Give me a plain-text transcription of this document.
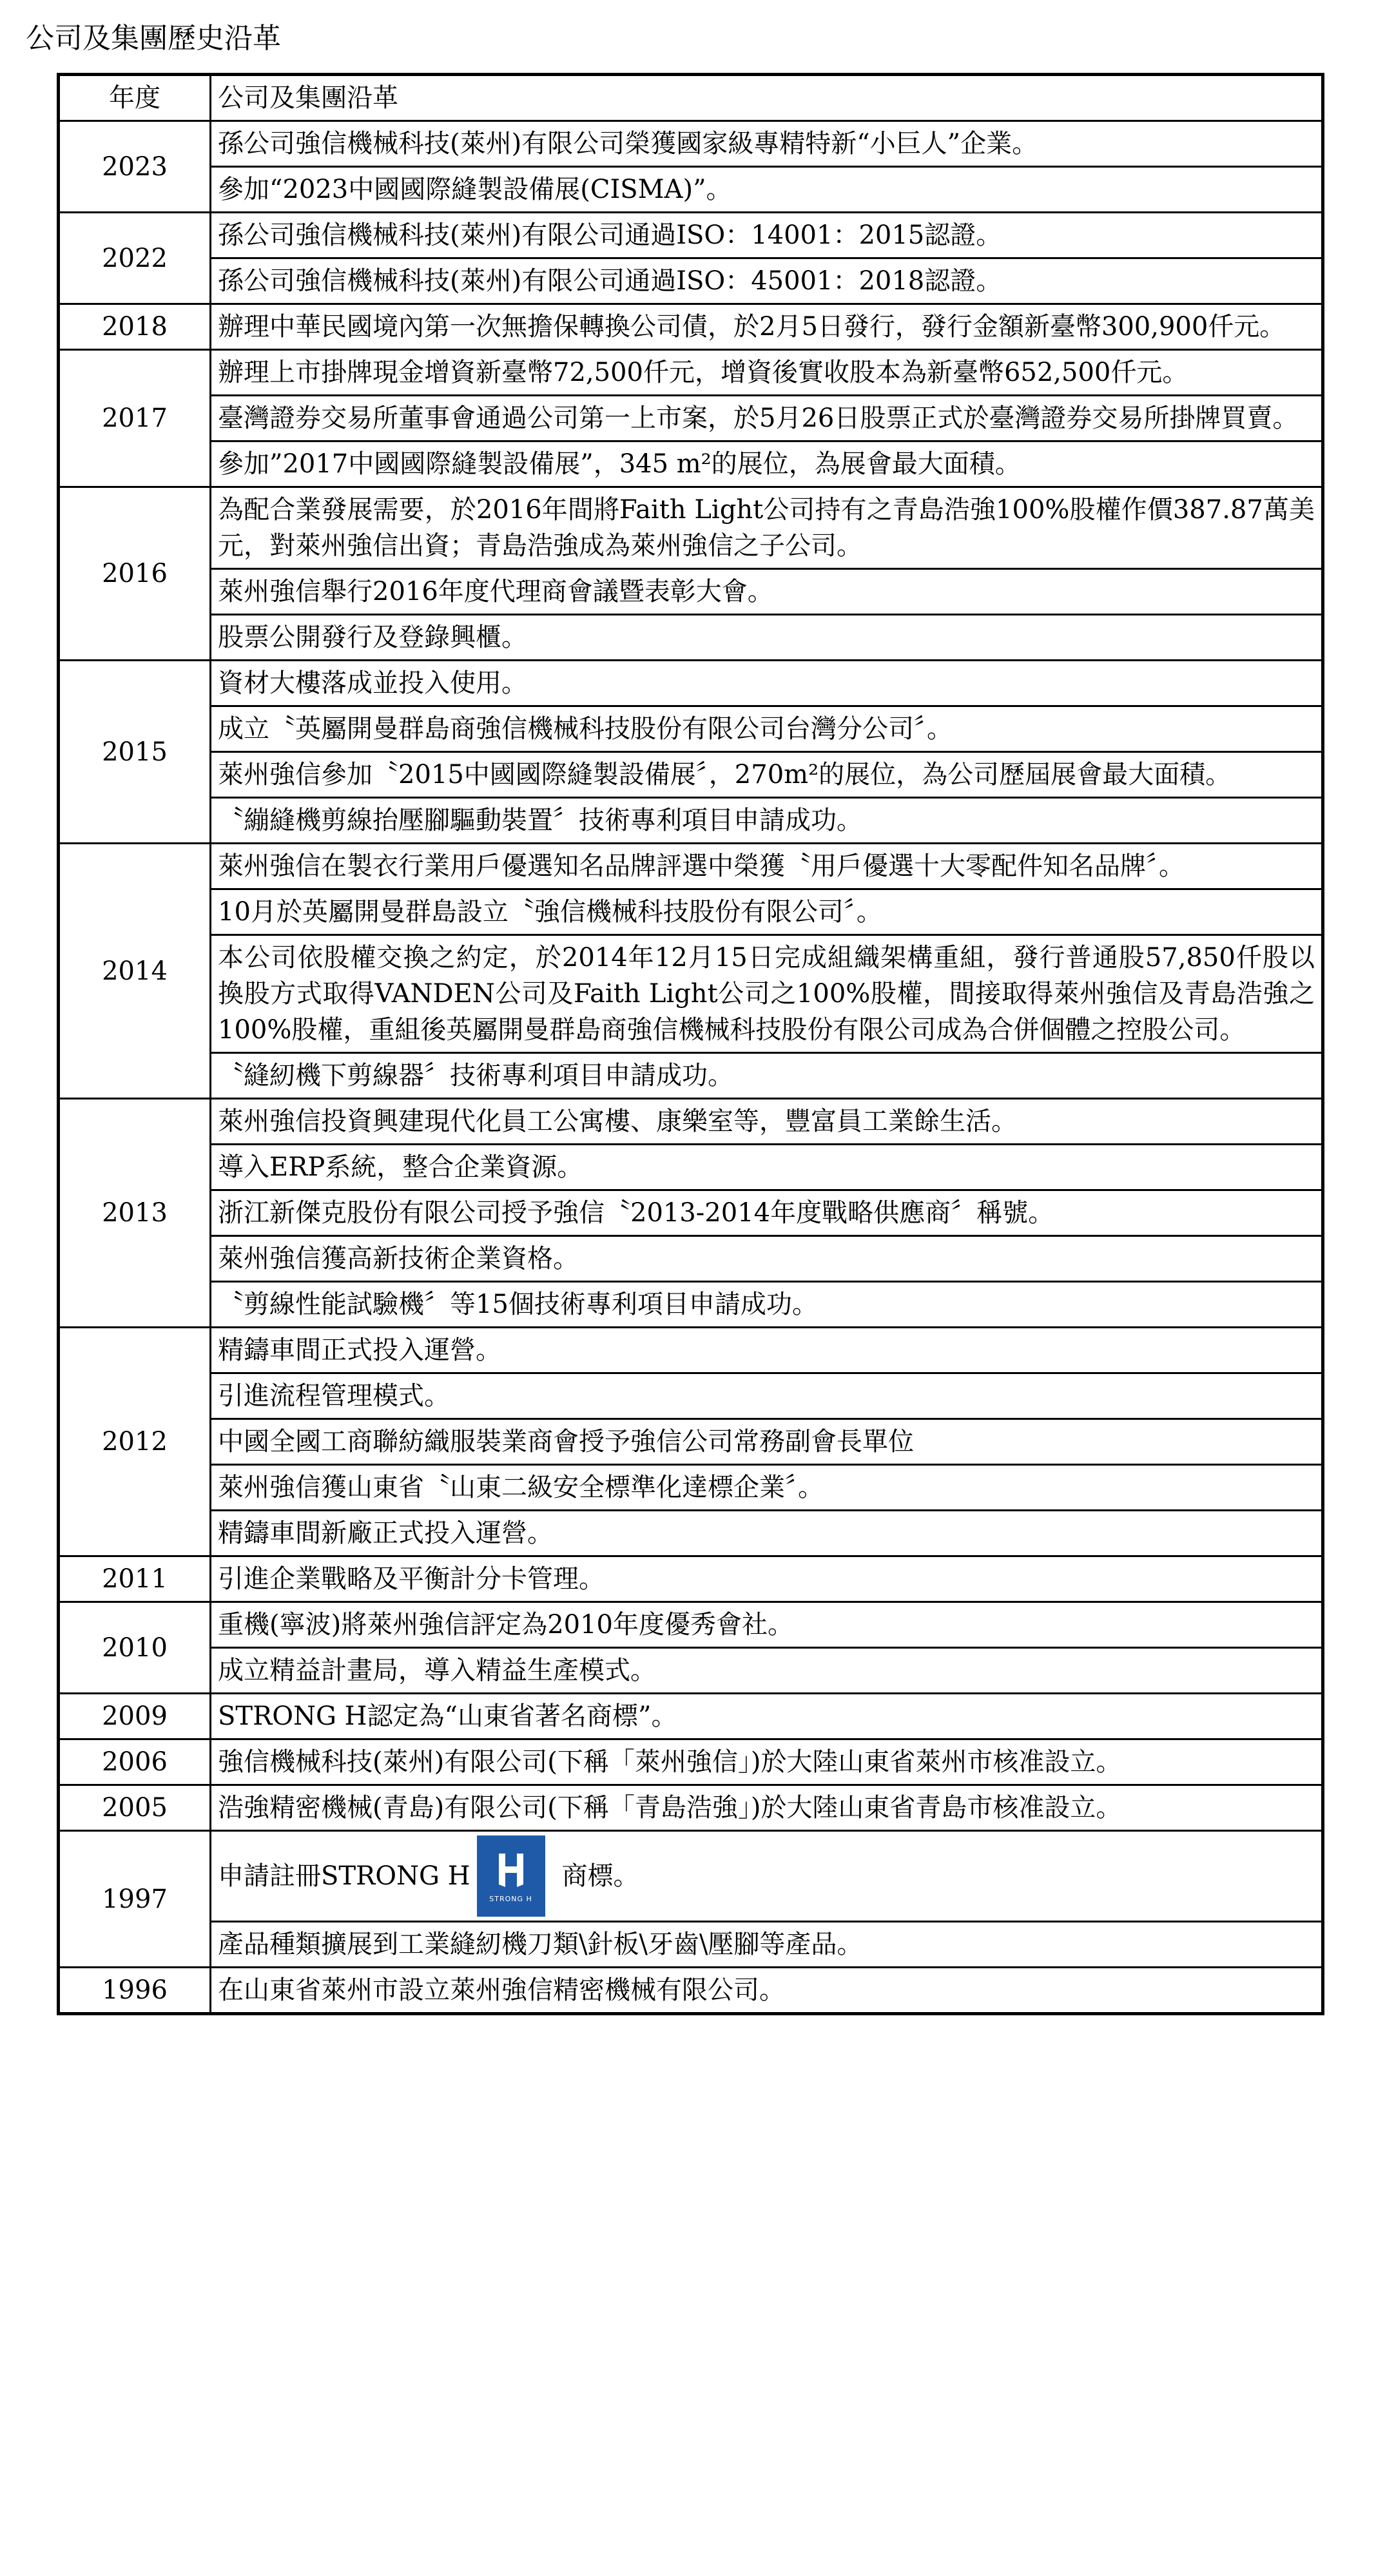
公司及集團歷史沿革
年度	公司及集團沿革
2023	孫公司強信機械科技(萊州)有限公司榮獲國家級專精特新“小巨人”企業。
	參加“2023中國國際縫製設備展(CISMA)”。
2022	孫公司強信機械科技(萊州)有限公司通過ISO：14001：2015認證。
	孫公司強信機械科技(萊州)有限公司通過ISO：45001：2018認證。
2018	辦理中華民國境內第一次無擔保轉換公司債，於2月5日發行，發行金額新臺幣300,900仟元。
2017	辦理上市掛牌現金增資新臺幣72,500仟元，增資後實收股本為新臺幣652,500仟元。
	臺灣證券交易所董事會通過公司第一上市案，於5月26日股票正式於臺灣證券交易所掛牌買賣。
	參加”2017中國國際縫製設備展”，345 m²的展位，為展會最大面積。
2016	為配合業發展需要，於2016年間將Faith Light公司持有之青島浩強100%股權作價387.87萬美元，對萊州強信出資；青島浩強成為萊州強信之子公司。
	萊州強信舉行2016年度代理商會議暨表彰大會。
	股票公開發行及登錄興櫃。
2015	資材大樓落成並投入使用。
	成立〝英屬開曼群島商強信機械科技股份有限公司台灣分公司〞。
	萊州強信參加〝2015中國國際縫製設備展〞，270m²的展位，為公司歷屆展會最大面積。
	〝繃縫機剪線抬壓腳驅動裝置〞技術專利項目申請成功。
2014	萊州強信在製衣行業用戶優選知名品牌評選中榮獲〝用戶優選十大零配件知名品牌〞。
	10月於英屬開曼群島設立〝強信機械科技股份有限公司〞。
	本公司依股權交換之約定，於2014年12月15日完成組織架構重組，發行普通股57,850仟股以換股方式取得VANDEN公司及Faith Light公司之100%股權，間接取得萊州強信及青島浩強之100%股權，重組後英屬開曼群島商強信機械科技股份有限公司成為合併個體之控股公司。
	〝縫紉機下剪線器〞技術專利項目申請成功。
2013	萊州強信投資興建現代化員工公寓樓、康樂室等，豐富員工業餘生活。
	導入ERP系統，整合企業資源。
	浙江新傑克股份有限公司授予強信〝2013-2014年度戰略供應商〞稱號。
	萊州強信獲高新技術企業資格。
	〝剪線性能試驗機〞等15個技術專利項目申請成功。
2012	精鑄車間正式投入運營。
	引進流程管理模式。
	中國全國工商聯紡織服裝業商會授予強信公司常務副會長單位
	萊州強信獲山東省〝山東二級安全標準化達標企業〞。
	精鑄車間新廠正式投入運營。
2011	引進企業戰略及平衡計分卡管理。
2010	重機(寧波)將萊州強信評定為2010年度優秀會社。
	成立精益計畫局，導入精益生產模式。
2009	STRONG H認定為“山東省著名商標”。
2006	強信機械科技(萊州)有限公司(下稱「萊州強信」)於大陸山東省萊州市核准設立。
2005	浩強精密機械(青島)有限公司(下稱「青島浩強」)於大陸山東省青島市核准設立。
1997	申請註冊STRONG H
STRONG H
商標。

	產品種類擴展到工業縫紉機刀類\針板\牙齒\壓腳等產品。
1996	在山東省萊州市設立萊州強信精密機械有限公司。
